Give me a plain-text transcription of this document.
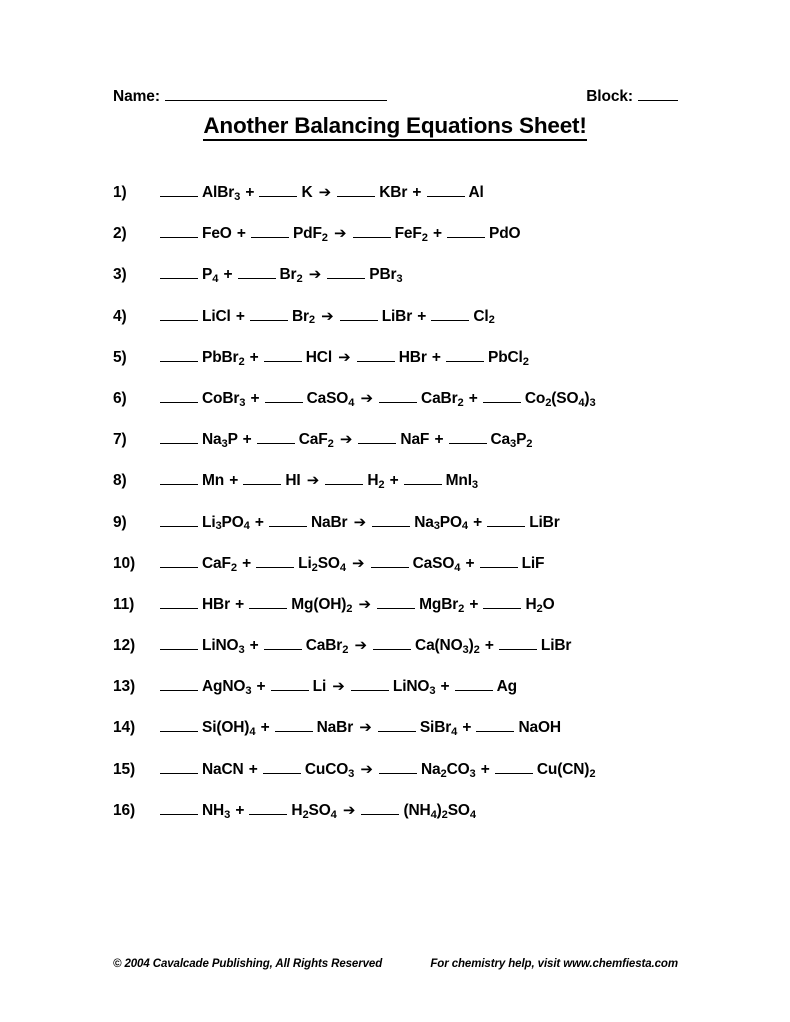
Name:	Block:
Another Balancing Equations Sheet!
1)	AlBr$_3$ +	K ➔	KBr +	Al
2)	FeO +	PdF$_2$ ➔	FeF$_2$ +	PdO
3)	$P_4$ +	$Br_2$ ➔	PBr$_3$
4)	LiCl +	$Br_2$ ➔	LiBr +	$Cl_2$
5)	PbBr$_2$ +	HCl ➔	HBr +	PbCl$_2$
6)	CoBr$_3$ +	CaSO$_4$ ➔	CaBr$_2$ +	$Co_2(SO_4)_3$
7)	$Na_3P$ +	CaF$_2$ ➔	NaF +	$Ca_3P_2$
8)	Mn +	HI ➔	$H_2$ +	MnI$_3$
9)	$Li_3PO_4$ +	NaBr ➔	$Na_3PO_4$ +	LiBr
10)	CaF$_2$ +	$Li_2SO_4$ ➔	CaSO$_4$ +	LiF
11)	HBr +	$Mg(OH)_2$ ➔	MgBr$_2$ +	$H_2O$
12)	LiNO$_3$ +	CaBr$_2$ ➔	$Ca(NO_3)_2$ +	LiBr
13)	AgNO$_3$ +	Li ➔	LiNO$_3$ +	Ag
14)	$Si(OH)_4$ +	NaBr ➔	SiBr$_4$ +	NaOH
15)	NaCN +	CuCO$_3$ ➔	$Na_2CO_3$ +	$Cu(CN)_2$
16)	$NH_3$ +	$H_2SO_4$ ➔	$(NH_4)_2SO_4$
© 2004 Cavalcade Publishing, All Rights Reserved	For chemistry help, visit www.chemfiesta.com
